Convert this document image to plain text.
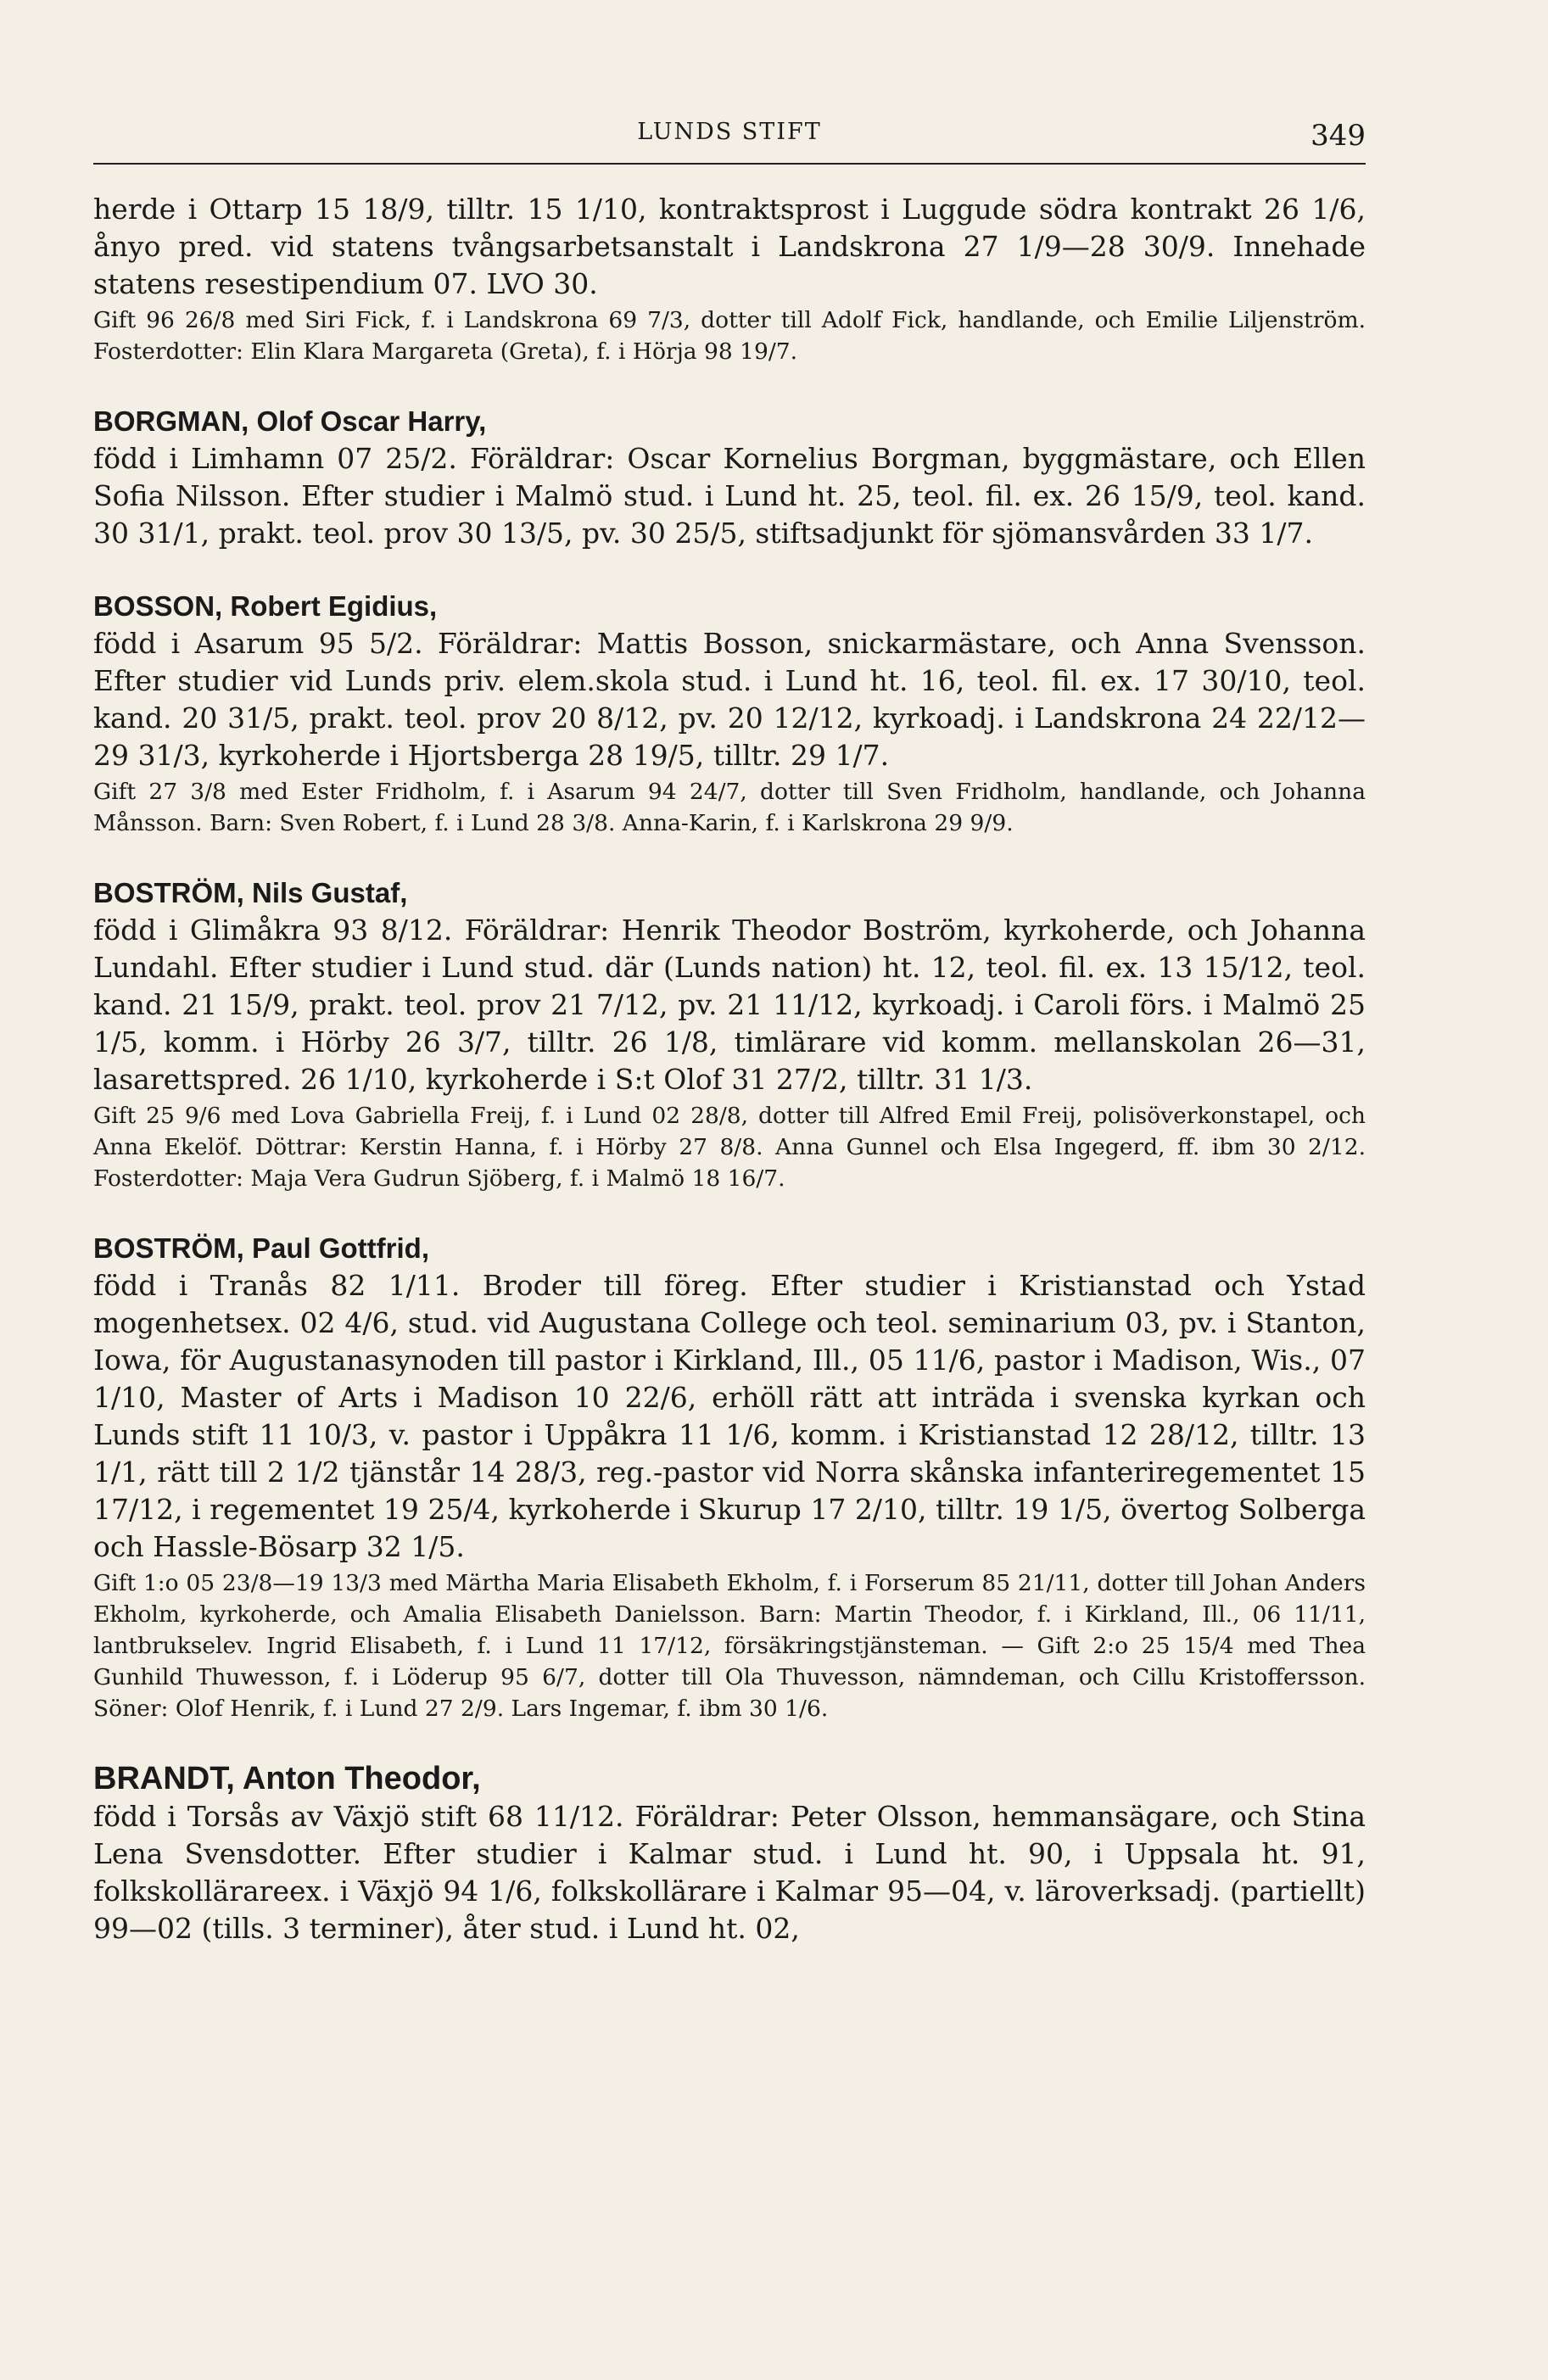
LUNDS STIFT	349

herde i Ottarp 15 18/9, tilltr. 15 1/10, kontraktsprost i Luggude södra kontrakt 26 1/6, ånyo pred. vid statens tvångsarbetsanstalt i Landskrona 27 1/9—28 30/9. Innehade statens resestipendium 07. LVO 30.

Gift 96 26/8 med Siri Fick, f. i Landskrona 69 7/3, dotter till Adolf Fick, handlande, och Emilie Liljenström. Fosterdotter: Elin Klara Margareta (Greta), f. i Hörja 98 19/7.

BORGMAN, Olof Oscar Harry,
född i Limhamn 07 25/2. Föräldrar: Oscar Kornelius Borgman, byggmästare, och Ellen Sofia Nilsson. Efter studier i Malmö stud. i Lund ht. 25, teol. fil. ex. 26 15/9, teol. kand. 30 31/1, prakt. teol. prov 30 13/5, pv. 30 25/5, stiftsadjunkt för sjömansvården 33 1/7.

BOSSON, Robert Egidius,
född i Asarum 95 5/2. Föräldrar: Mattis Bosson, snickarmästare, och Anna Svensson. Efter studier vid Lunds priv. elem.skola stud. i Lund ht. 16, teol. fil. ex. 17 30/10, teol. kand. 20 31/5, prakt. teol. prov 20 8/12, pv. 20 12/12, kyrkoadj. i Landskrona 24 22/12—29 31/3, kyrkoherde i Hjortsberga 28 19/5, tilltr. 29 1/7.

Gift 27 3/8 med Ester Fridholm, f. i Asarum 94 24/7, dotter till Sven Fridholm, handlande, och Johanna Månsson. Barn: Sven Robert, f. i Lund 28 3/8. Anna-Karin, f. i Karlskrona 29 9/9.

BOSTRÖM, Nils Gustaf,
född i Glimåkra 93 8/12. Föräldrar: Henrik Theodor Boström, kyrkoherde, och Johanna Lundahl. Efter studier i Lund stud. där (Lunds nation) ht. 12, teol. fil. ex. 13 15/12, teol. kand. 21 15/9, prakt. teol. prov 21 7/12, pv. 21 11/12, kyrkoadj. i Caroli förs. i Malmö 25 1/5, komm. i Hörby 26 3/7, tilltr. 26 1/8, timlärare vid komm. mellanskolan 26—31, lasarettspred. 26 1/10, kyrkoherde i S:t Olof 31 27/2, tilltr. 31 1/3.

Gift 25 9/6 med Lova Gabriella Freij, f. i Lund 02 28/8, dotter till Alfred Emil Freij, polisöverkonstapel, och Anna Ekelöf. Döttrar: Kerstin Hanna, f. i Hörby 27 8/8. Anna Gunnel och Elsa Ingegerd, ff. ibm 30 2/12. Fosterdotter: Maja Vera Gudrun Sjöberg, f. i Malmö 18 16/7.

BOSTRÖM, Paul Gottfrid,
född i Tranås 82 1/11. Broder till föreg. Efter studier i Kristianstad och Ystad mogenhetsex. 02 4/6, stud. vid Augustana College och teol. seminarium 03, pv. i Stanton, Iowa, för Augustanasynoden till pastor i Kirkland, Ill., 05 11/6, pastor i Madison, Wis., 07 1/10, Master of Arts i Madison 10 22/6, erhöll rätt att inträda i svenska kyrkan och Lunds stift 11 10/3, v. pastor i Uppåkra 11 1/6, komm. i Kristianstad 12 28/12, tilltr. 13 1/1, rätt till 2 1/2 tjänstår 14 28/3, reg.-pastor vid Norra skånska infanteriregementet 15 17/12, i regementet 19 25/4, kyrkoherde i Skurup 17 2/10, tilltr. 19 1/5, övertog Solberga och Hassle-Bösarp 32 1/5.

Gift 1:o 05 23/8—19 13/3 med Märtha Maria Elisabeth Ekholm, f. i Forserum 85 21/11, dotter till Johan Anders Ekholm, kyrkoherde, och Amalia Elisabeth Danielsson. Barn: Martin Theodor, f. i Kirkland, Ill., 06 11/11, lantbrukselev. Ingrid Elisabeth, f. i Lund 11 17/12, försäkringstjänsteman. — Gift 2:o 25 15/4 med Thea Gunhild Thuwesson, f. i Löderup 95 6/7, dotter till Ola Thuvesson, nämndeman, och Cillu Kristoffersson. Söner: Olof Henrik, f. i Lund 27 2/9. Lars Ingemar, f. ibm 30 1/6.

BRANDT, Anton Theodor,
född i Torsås av Växjö stift 68 11/12. Föräldrar: Peter Olsson, hemmansägare, och Stina Lena Svensdotter. Efter studier i Kalmar stud. i Lund ht. 90, i Uppsala ht. 91, folkskollärareex. i Växjö 94 1/6, folkskollärare i Kalmar 95—04, v. läroverksadj. (partiellt) 99—02 (tills. 3 terminer), åter stud. i Lund ht. 02,
